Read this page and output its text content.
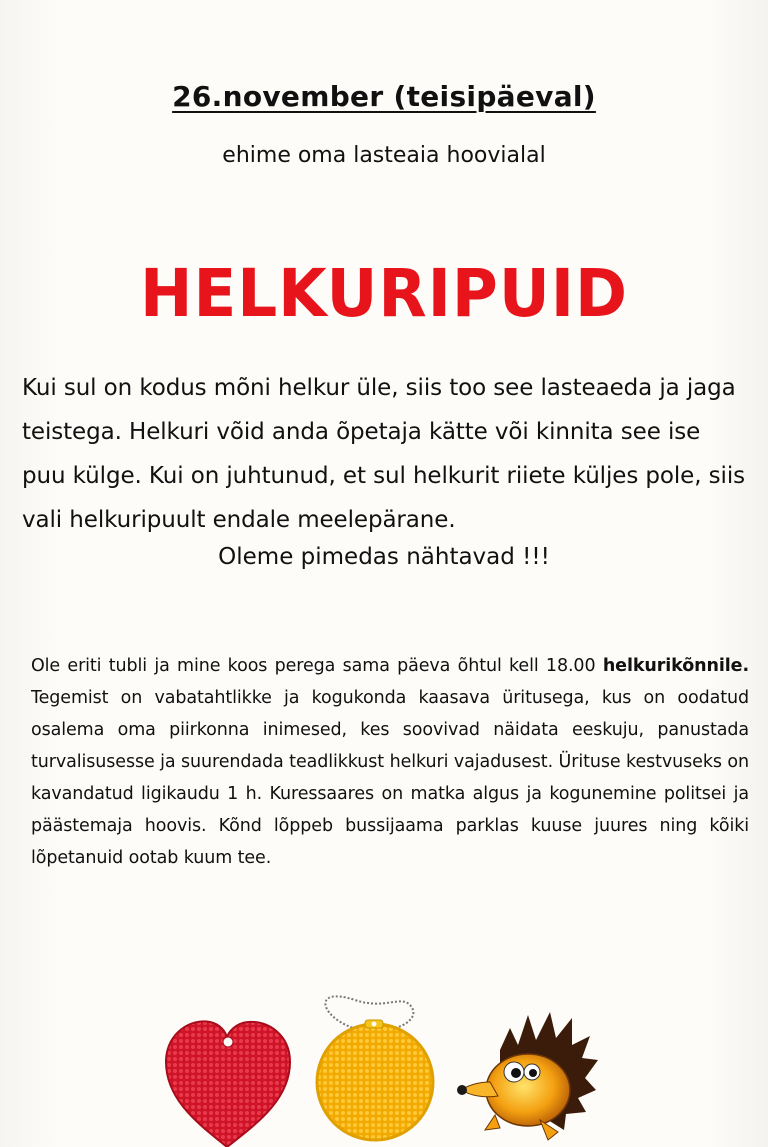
26.november (teisipäeval)
ehime oma lasteaia hoovialal
HELKURIPUID
Kui sul on kodus mõni helkur üle, siis too see lasteaeda ja jaga teistega. Helkuri võid anda õpetaja kätte või kinnita see ise puu külge. Kui on juhtunud, et sul helkurit riiete küljes pole, siis vali helkuripuult endale meelepärane.
Oleme pimedas nähtavad !!!
Ole eriti tubli ja mine koos perega sama päeva õhtul kell 18.00 helkurikõnnile. Tegemist on vabatahtlikke ja kogukonda kaasava üritusega, kus on oodatud osalema oma piirkonna inimesed, kes soovivad näidata eeskuju, panustada turvalisusesse ja suurendada teadlikkust helkuri vajadusest. Ürituse kestvuseks on kavandatud ligikaudu 1 h. Kuressaares on matka algus ja kogunemine politsei ja päästemaja hoovis. Kõnd lõppeb bussijaama parklas kuuse juures ning kõiki lõpetanuid ootab kuum tee.
